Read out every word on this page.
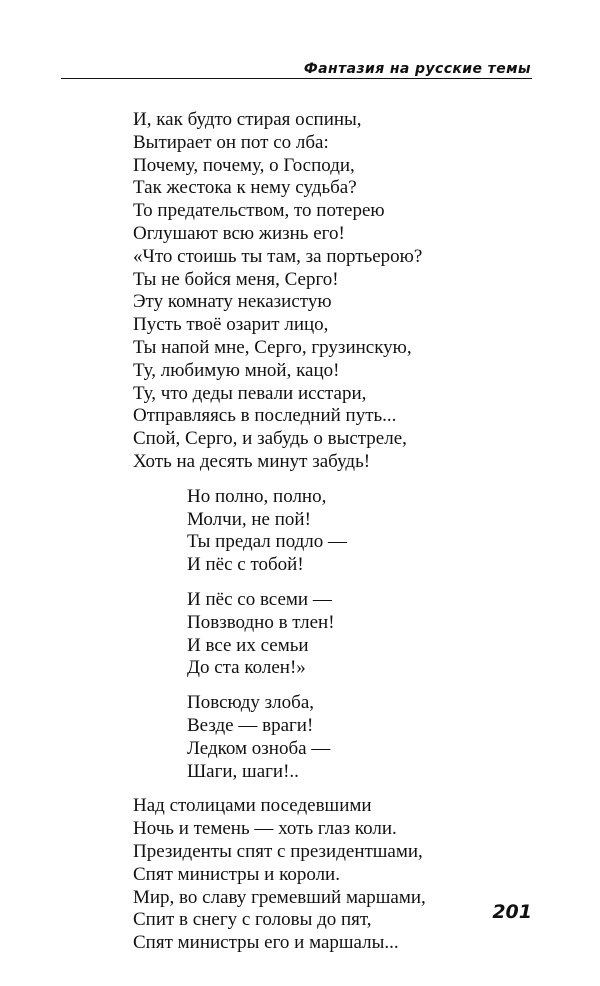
Фантазия на русские темы
И, как будто стирая оспины,
Вытирает он пот со лба:
Почему, почему, о Господи,
Так жестока к нему судьба?
То предательством, то потерею
Оглушают всю жизнь его!
«Что стоишь ты там, за портьерою?
Ты не бойся меня, Серго!
Эту комнату неказистую
Пусть твоё озарит лицо,
Ты напой мне, Серго, грузинскую,
Ту, любимую мной, кацо!
Ту, что деды певали исстари,
Отправляясь в последний путь...
Спой, Серго, и забудь о выстреле,
Хоть на десять минут забудь!
Но полно, полно,
Молчи, не пой!
Ты предал подло —
И пёс с тобой!
И пёс со всеми —
Повзводно в тлен!
И все их семьи
До ста колен!»
Повсюду злоба,
Везде — враги!
Ледком озноба —
Шаги, шаги!..
Над столицами поседевшими
Ночь и темень — хоть глаз коли.
Президенты спят с президентшами,
Спят министры и короли.
Мир, во славу гремевший маршами,
Спит в снегу с головы до пят,
Спят министры его и маршалы...
201
